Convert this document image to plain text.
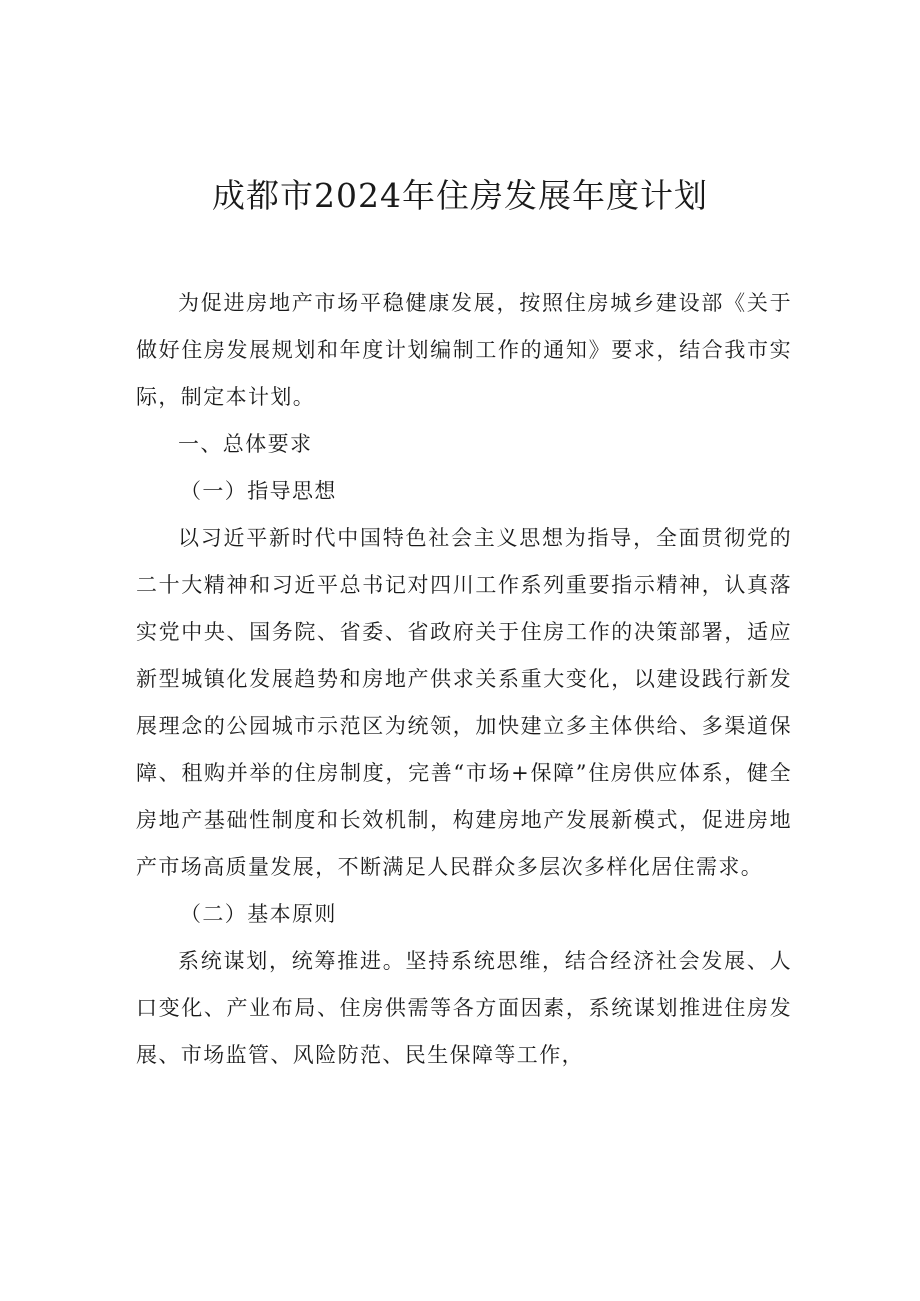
成都市2024年住房发展年度计划

为促进房地产市场平稳健康发展，按照住房城乡建设部《关于做好住房发展规划和年度计划编制工作的通知》要求，结合我市实际，制定本计划。

一、总体要求

（一）指导思想

以习近平新时代中国特色社会主义思想为指导，全面贯彻党的二十大精神和习近平总书记对四川工作系列重要指示精神，认真落实党中央、国务院、省委、省政府关于住房工作的决策部署，适应新型城镇化发展趋势和房地产供求关系重大变化，以建设践行新发展理念的公园城市示范区为统领，加快建立多主体供给、多渠道保障、租购并举的住房制度，完善“市场+保障”住房供应体系，健全房地产基础性制度和长效机制，构建房地产发展新模式，促进房地产市场高质量发展，不断满足人民群众多层次多样化居住需求。

（二）基本原则

系统谋划，统筹推进。坚持系统思维，结合经济社会发展、人口变化、产业布局、住房供需等各方面因素，系统谋划推进住房发展、市场监管、风险防范、民生保障等工作，
